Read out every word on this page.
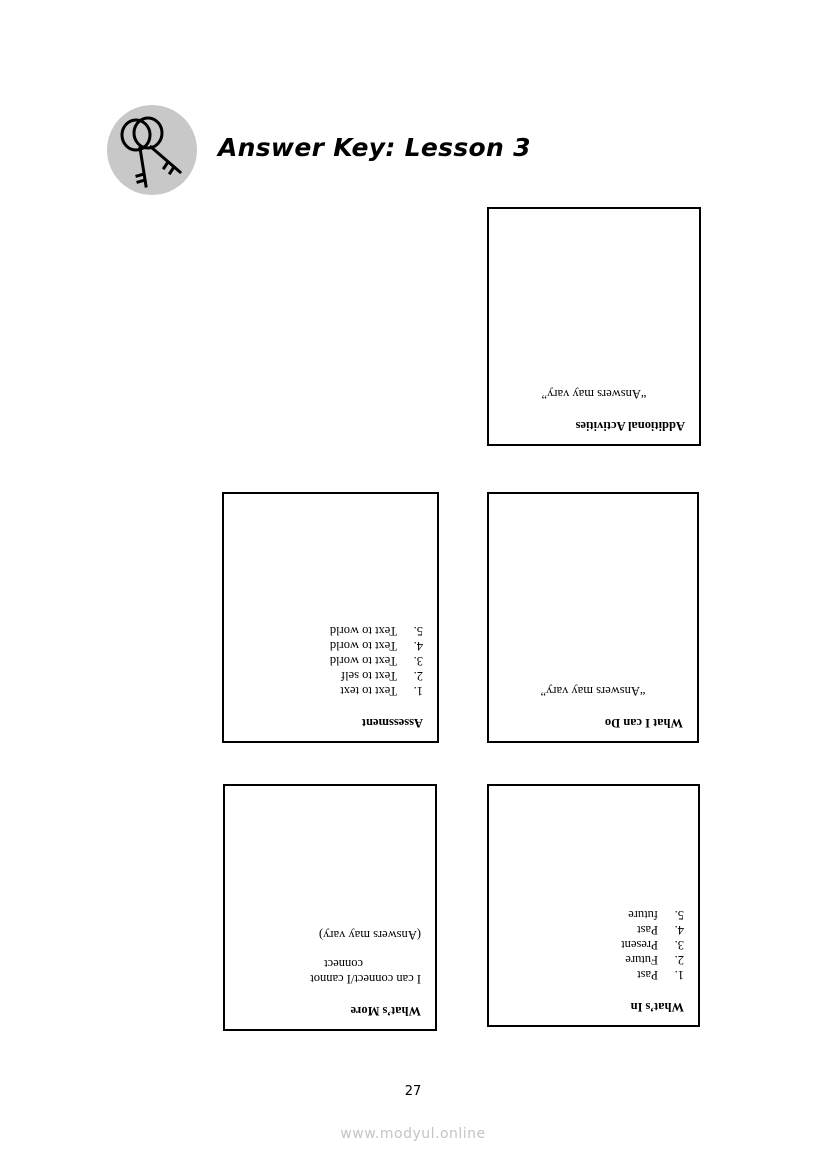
Answer Key: Lesson 3
Additional Activities
“Answers may vary”
Assessment
1.
Text to text
2.
Text to self
3.
Text to world
4.
Text to world
5.
Text to world
What I can Do
“Answers may vary”
What’s More
I can connect/I cannot
connect
(Answers may vary)
What’s In
1.
Past
2.
Future
3.
Present
4.
Past
5.
future
27
www.modyul.online
